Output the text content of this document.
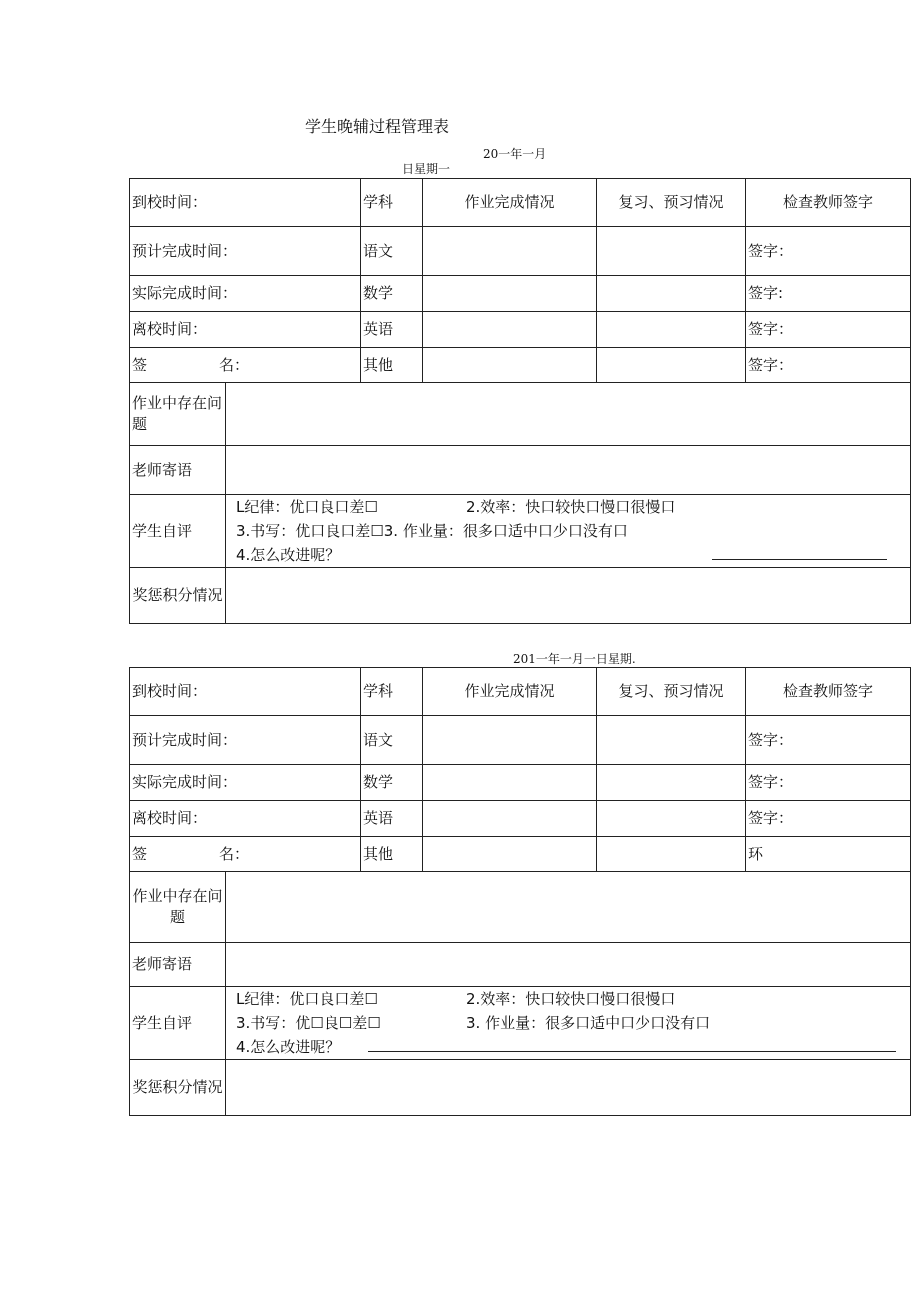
学生晚辅过程管理表
20一年一月
日星期一
到校时间：		学科	作业完成情况	复习、预习情况	检查教师签字
预计完成时间：		语文			签字：
实际完成时间：		数学			签字:
离校时间：		英语			签字：
签 名：		其他			签字：
作业中存在问题					
老师寄语					
学生自评	L纪律：优口良口差☐ 2.效率：快口较快口慢口很慢口
3.书写：优口良口差☐3. 作业量：很多口适中口少口没有口
4.怎么改进呢？				

奖惩积分情况					
201一年一月一日星期.
到校时间：		学科	作业完成情况	复习、预习情况	检查教师签字
预计完成时间：		语文			签字：
实际完成时间：		数学			签字：
离校时间：		英语			签字：
签 名：		其他			环
作业中存在问题					
老师寄语					
学生自评	L纪律：优口良口差☐ 2.效率：快口较快口慢口很慢口
3.书写：优☐良☐差☐ 3. 作业量：很多口适中口少口没有口
4.怎么改进呢？				

奖惩积分情况					
